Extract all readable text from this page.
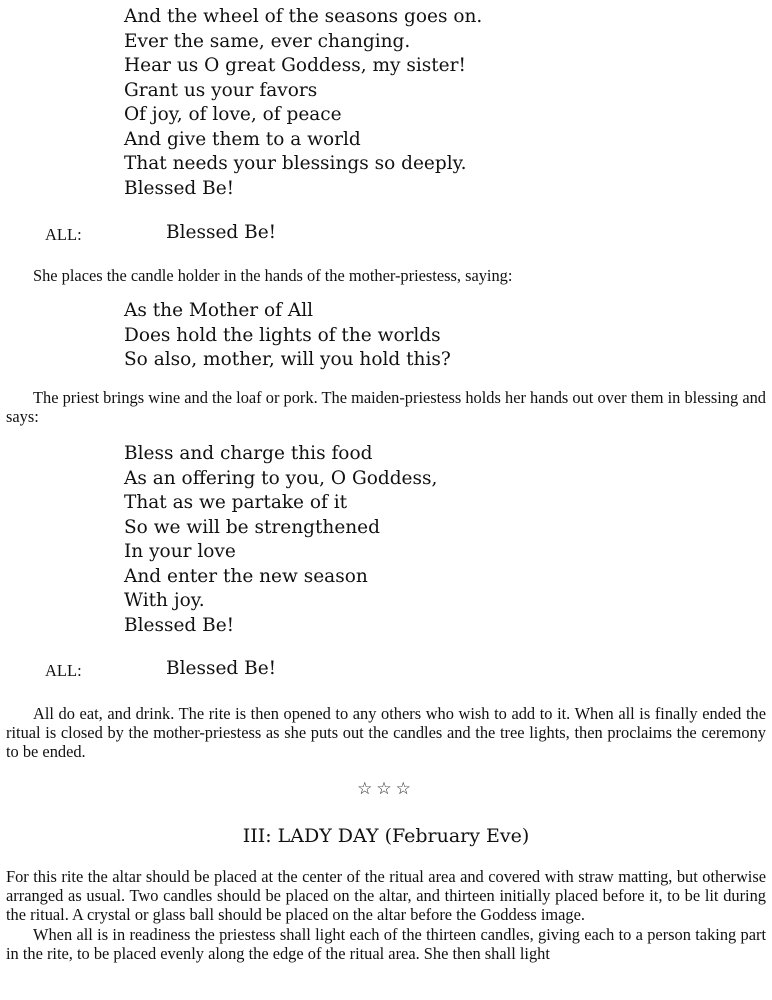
And the wheel of the seasons goes on.
Ever the same, ever changing.
Hear us O great Goddess, my sister!
Grant us your favors
Of joy, of love, of peace
And give them to a world
That needs your blessings so deeply.
Blessed Be!
ALL:	Blessed Be!

She places the candle holder in the hands of the mother-priestess, saying:

As the Mother of All
Does hold the lights of the worlds
So also, mother, will you hold this?

The priest brings wine and the loaf or pork. The maiden-priestess holds her hands out over them in blessing and says:

Bless and charge this food
As an offering to you, O Goddess,
That as we partake of it
So we will be strengthened
In your love
And enter the new season
With joy.
Blessed Be!
ALL:	Blessed Be!

All do eat, and drink. The rite is then opened to any others who wish to add to it. When all is finally ended the ritual is closed by the mother-priestess as she puts out the candles and the tree lights, then proclaims the ceremony to be ended.

☆☆☆
III: LADY DAY (February Eve)

For this rite the altar should be placed at the center of the ritual area and covered with straw matting, but otherwise arranged as usual. Two candles should be placed on the altar, and thirteen initially placed before it, to be lit during the ritual. A crystal or glass ball should be placed on the altar before the Goddess image.

When all is in readiness the priestess shall light each of the thirteen candles, giving each to a person taking part in the rite, to be placed evenly along the edge of the ritual area. She then shall light
